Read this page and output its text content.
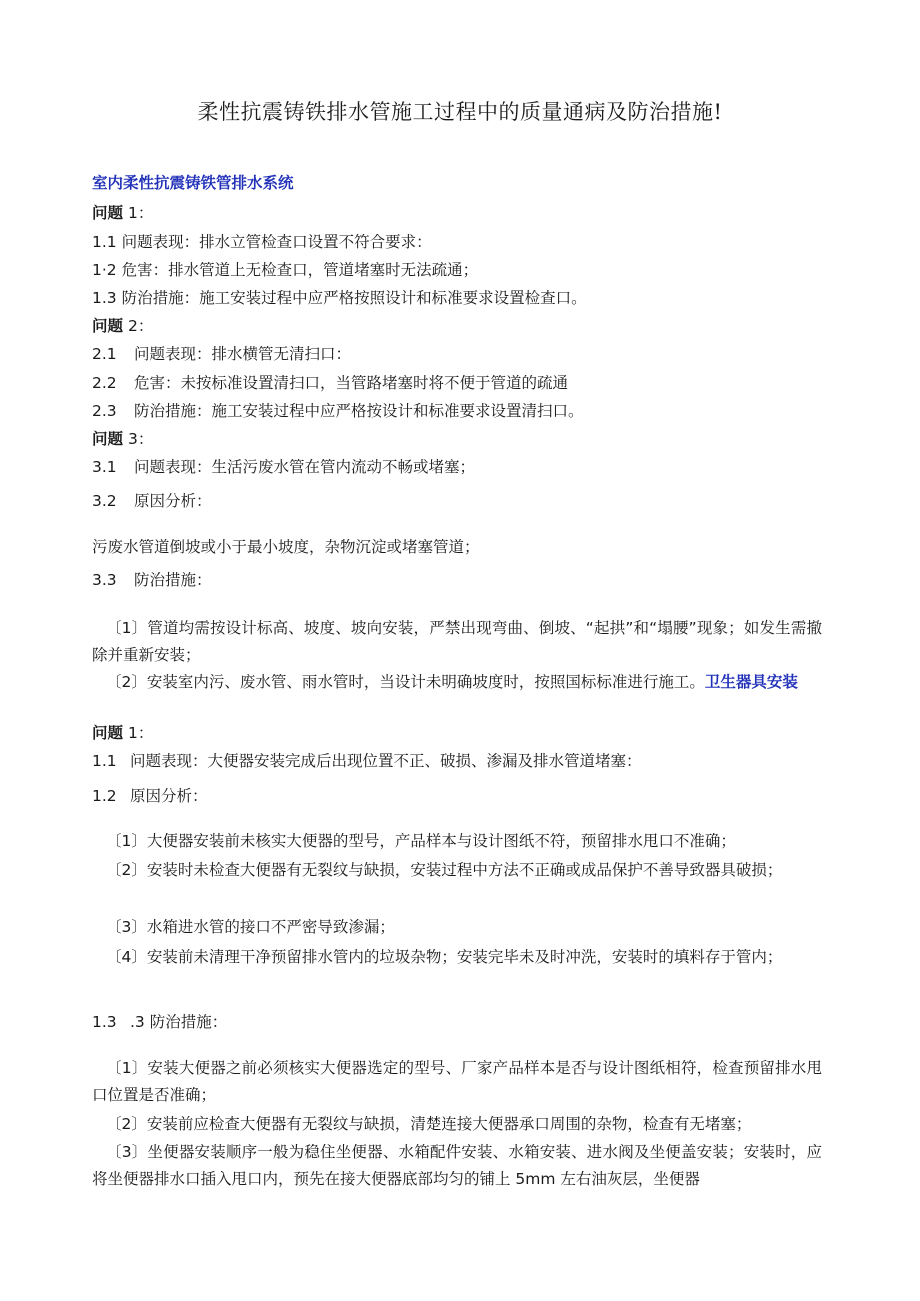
柔性抗震铸铁排水管施工过程中的质量通病及防治措施!
室内柔性抗震铸铁管排水系统
问题 1：
1.1 问题表现：排水立管检查口设置不符合要求：
1·2 危害：排水管道上无检查口，管道堵塞时无法疏通；
1.3 防治措施：施工安装过程中应严格按照设计和标准要求设置检查口。
问题 2：
2.1 问题表现：排水横管无清扫口：
2.2 危害：未按标准设置清扫口，当管路堵塞时将不便于管道的疏通
2.3 防治措施：施工安装过程中应严格按设计和标准要求设置清扫口。
问题 3：
3.1 问题表现：生活污废水管在管内流动不畅或堵塞；
3.2 原因分析：
污废水管道倒坡或小于最小坡度，杂物沉淀或堵塞管道；
3.3 防治措施：
〔1〕管道均需按设计标高、坡度、坡向安装，严禁出现弯曲、倒坡、“起拱”和“塌腰”现象；如发生需撤除并重新安装；
〔2〕安装室内污、废水管、雨水管时，当设计未明确坡度时，按照国标标准进行施工。卫生器具安装
问题 1：
1.1 问题表现：大便器安装完成后出现位置不正、破损、渗漏及排水管道堵塞：
1.2 原因分析：
〔1〕大便器安装前未核实大便器的型号，产品样本与设计图纸不符，预留排水甩口不准确；
〔2〕安装时未检查大便器有无裂纹与缺损，安装过程中方法不正确或成品保护不善导致器具破损；
〔3〕水箱进水管的接口不严密导致渗漏；
〔4〕安装前未清理干净预留排水管内的垃圾杂物；安装完毕未及时冲洗，安装时的填料存于管内；
1.3 .3 防治措施：
〔1〕安装大便器之前必须核实大便器选定的型号、厂家产品样本是否与设计图纸相符，检查预留排水甩口位置是否准确；
〔2〕安装前应检查大便器有无裂纹与缺损，清楚连接大便器承口周围的杂物，检查有无堵塞；
〔3〕坐便器安装顺序一般为稳住坐便器、水箱配件安装、水箱安装、进水阀及坐便盖安装；安装时，应将坐便器排水口插入甩口内，预先在接大便器底部均匀的铺上 5mm 左右油灰层，坐便器
